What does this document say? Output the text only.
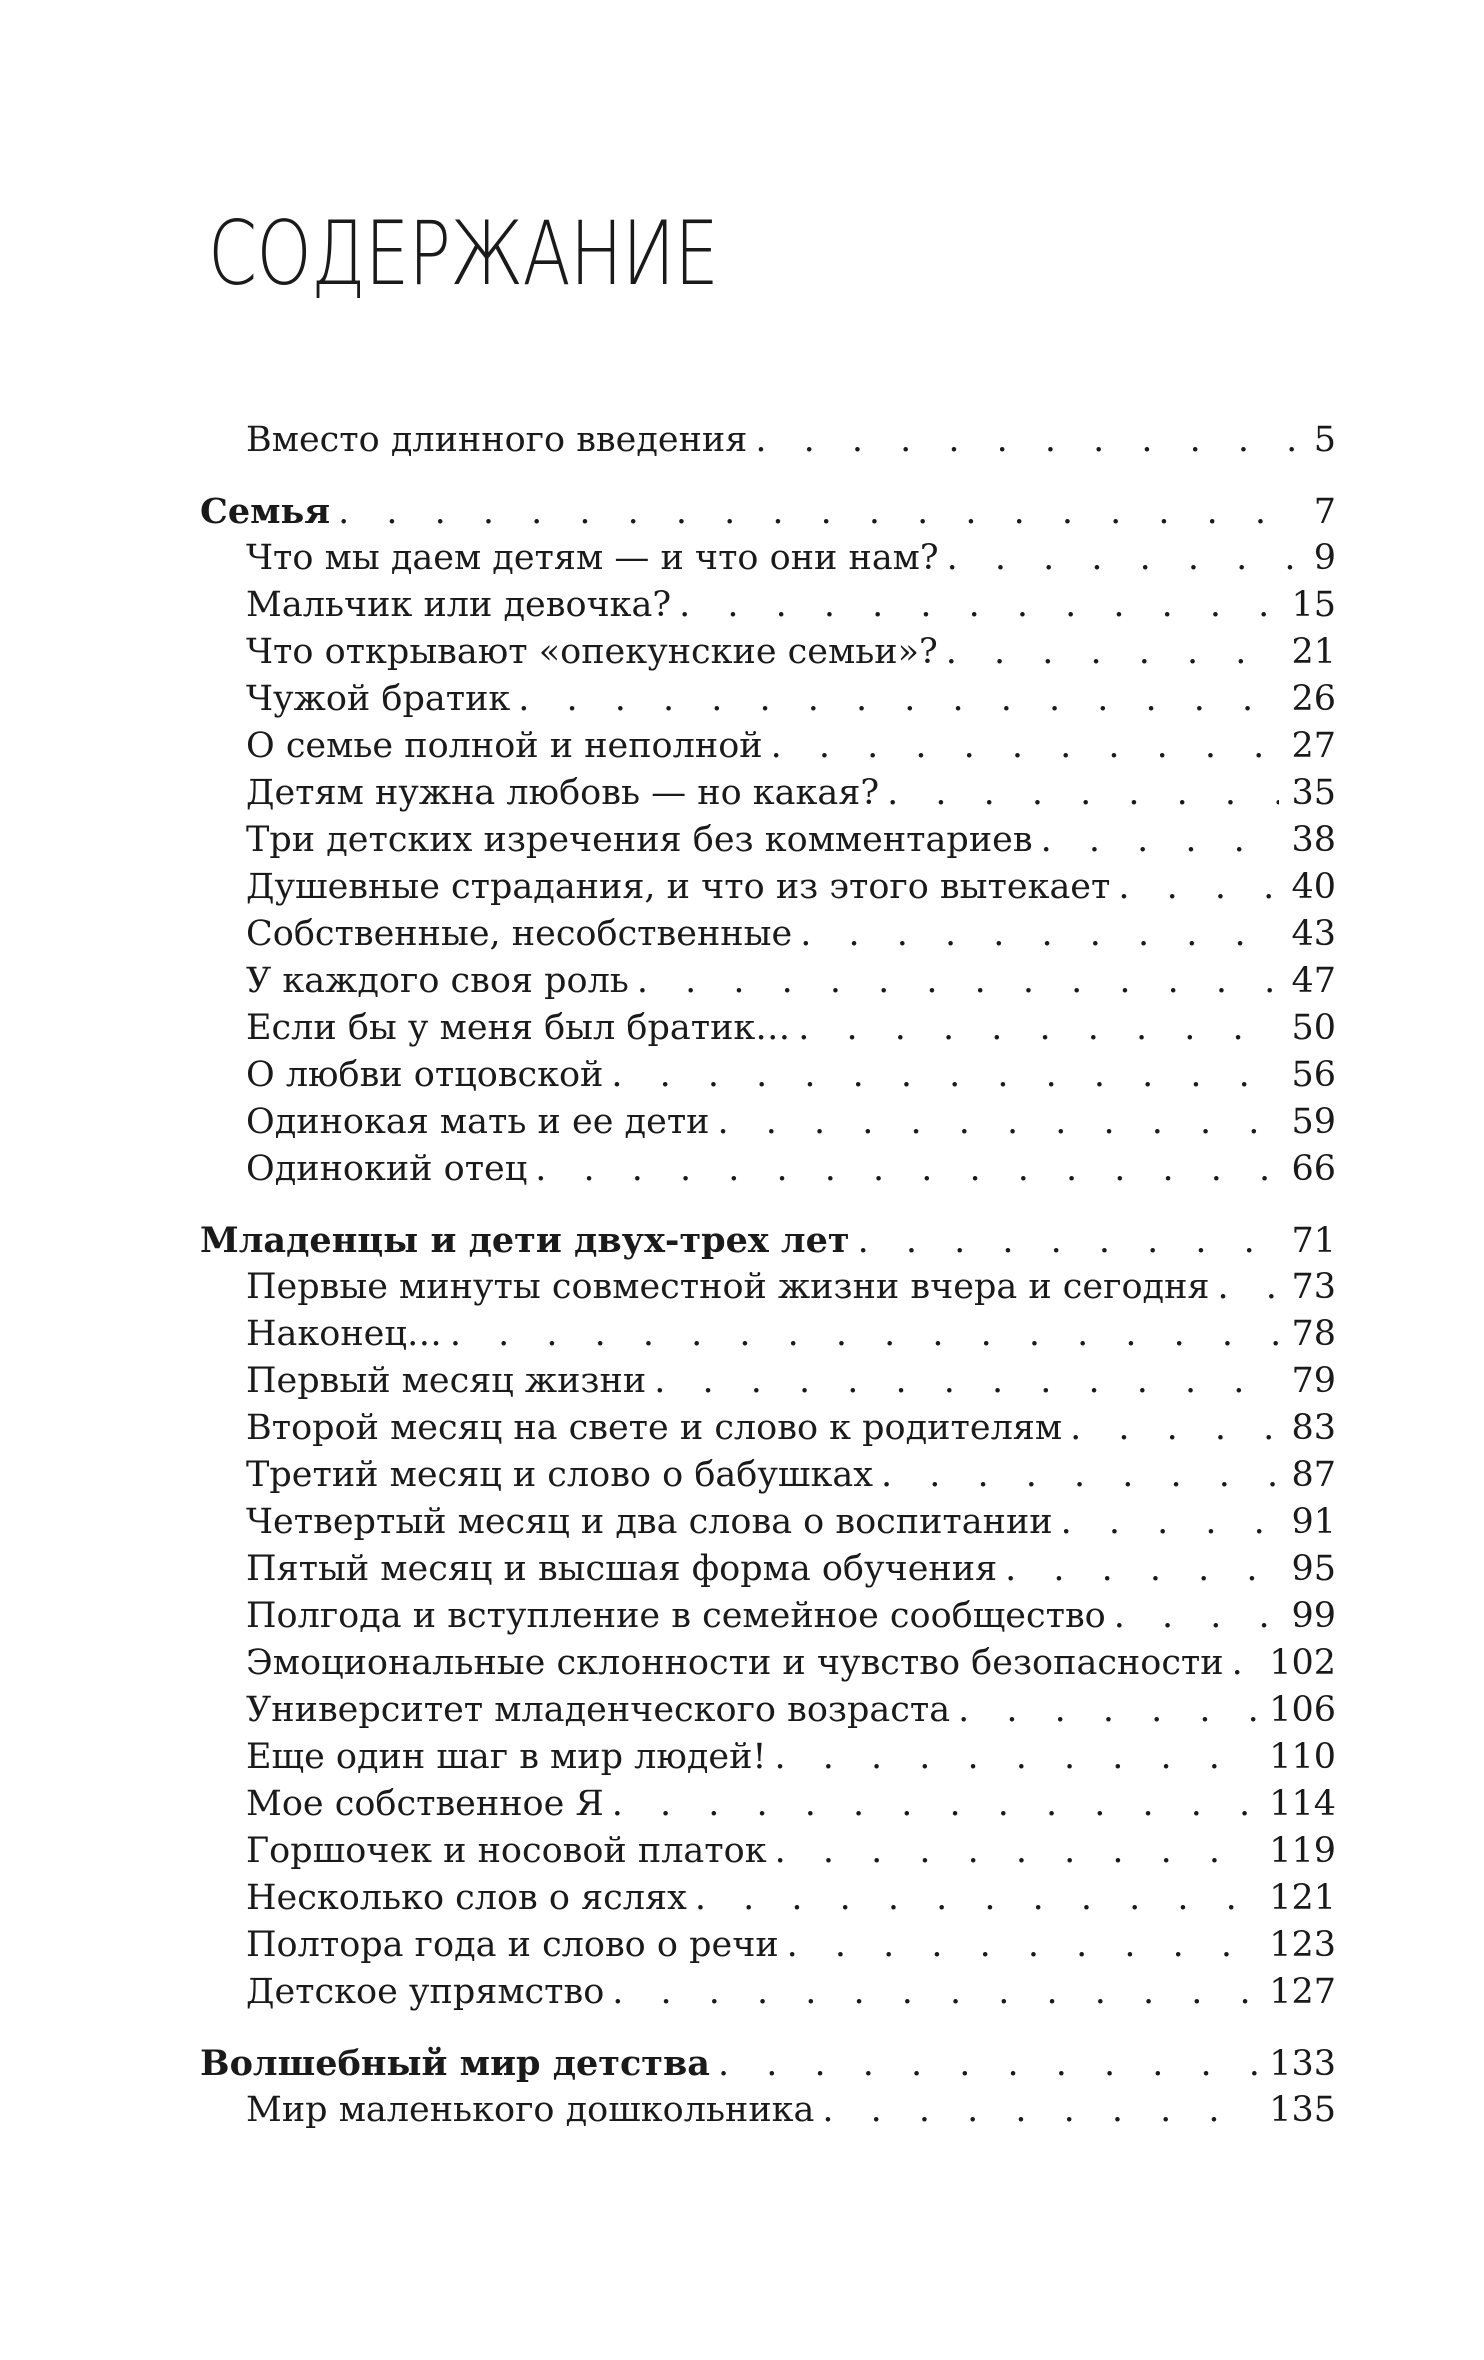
СОДЕРЖАНИЕ
Вместо длинного введения . . .	5
Семья . . .	7
Что мы даем детям — и что они нам? . . .	9
Мальчик или девочка? . . .	15
Что открывают «опекунские семьи»? . . .	21
Чужой братик . . .	26
О семье полной и неполной . . .	27
Детям нужна любовь — но какая? . . .	35
Три детских изречения без комментариев . . .	38
Душевные страдания, и что из этого вытекает . . .	40
Собственные, несобственные . . .	43
У каждого своя роль . . .	47
Если бы у меня был братик… . . .	50
О любви отцовской . . .	56
Одинокая мать и ее дети . . .	59
Одинокий отец . . .	66
Младенцы и дети двух-трех лет . . .	71
Первые минуты совместной жизни вчера и сегодня . . . 73
Наконец… . . .	78
Первый месяц жизни . . .	79
Второй месяц на свете и слово к родителям . . .	83
Третий месяц и слово о бабушках . . .	87
Четвертый месяц и два слова о воспитании . . .	91
Пятый месяц и высшая форма обучения . . .	95
Полгода и вступление в семейное сообщество . . .	99
Эмоциональные склонности и чувство безопасности . . . 102
Университет младенческого возраста . . .	106
Еще один шаг в мир людей! . . .	110
Мое собственное Я . . .	114
Горшочек и носовой платок . . .	119
Несколько слов о яслях . . .	121
Полтора года и слово о речи . . .	123
Детское упрямство . . .	127
Волшебный мир детства . . .	133
Мир маленького дошкольника . . .	135
